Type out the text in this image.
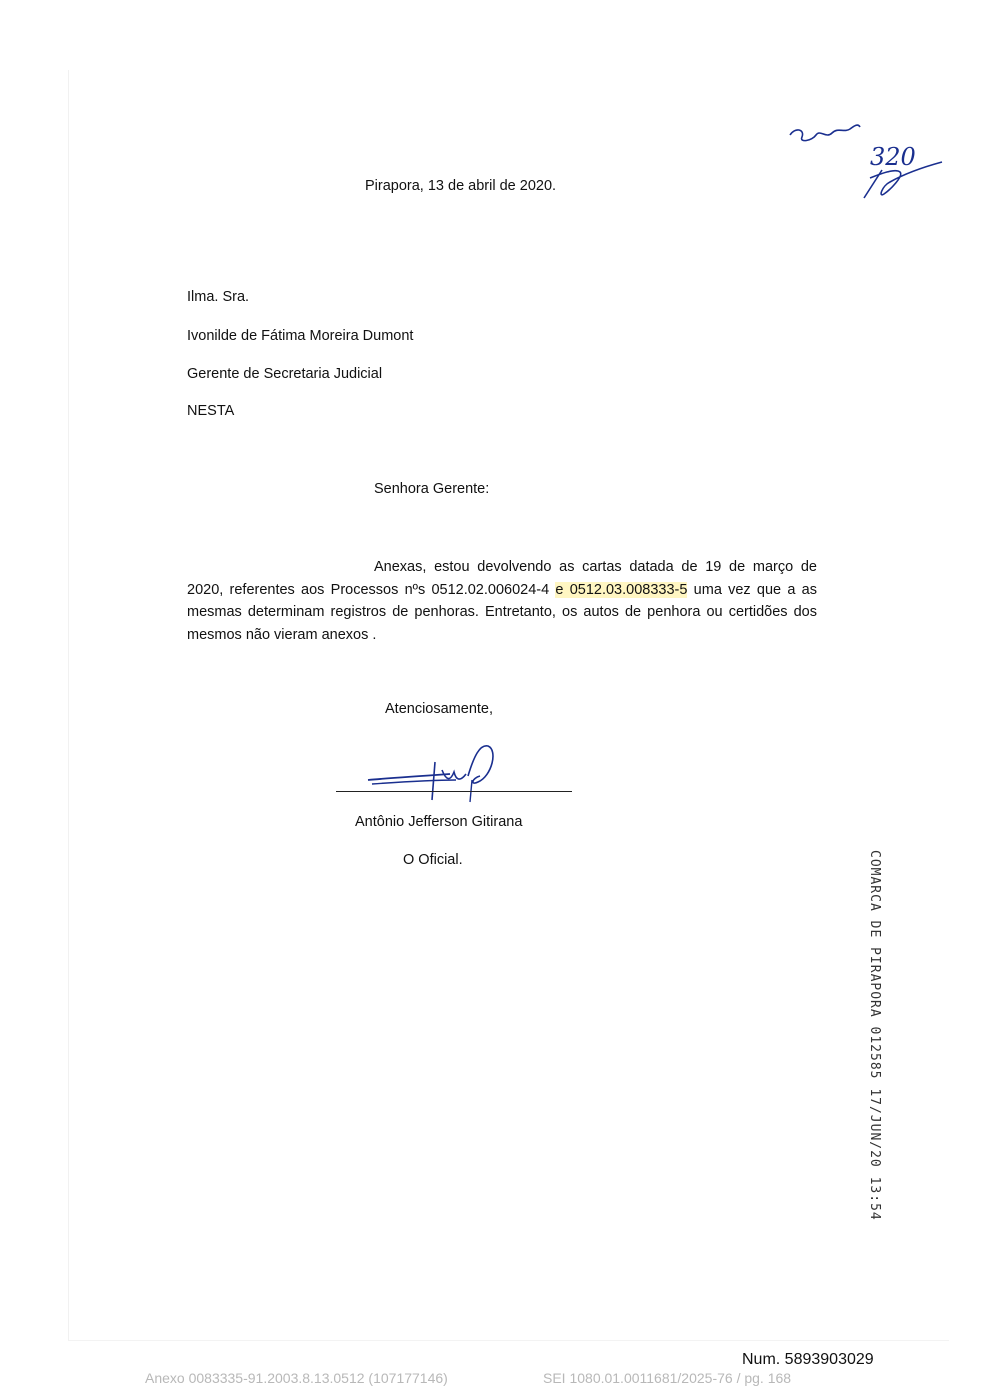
320
Pirapora, 13 de abril de 2020.
Ilma. Sra.
Ivonilde de Fátima Moreira Dumont
Gerente de Secretaria Judicial
NESTA
Senhora Gerente:
Anexas, estou devolvendo as cartas datada de 19 de março de 2020, referentes aos Processos nºs 0512.02.006024-4 e 0512.03.008333-5 uma vez que a as mesmas determinam registros de penhoras. Entretanto, os autos de penhora ou certidões dos mesmos não vieram anexos .
Atenciosamente,
Antônio Jefferson Gitirana
O Oficial.	COMARCA DE PIRAPORA 012585 17/JUN/20 13:54
Num. 5893903029
Anexo 0083335-91.2003.8.13.0512 (107177146)	SEI 1080.01.0011681/2025-76 / pg. 168
